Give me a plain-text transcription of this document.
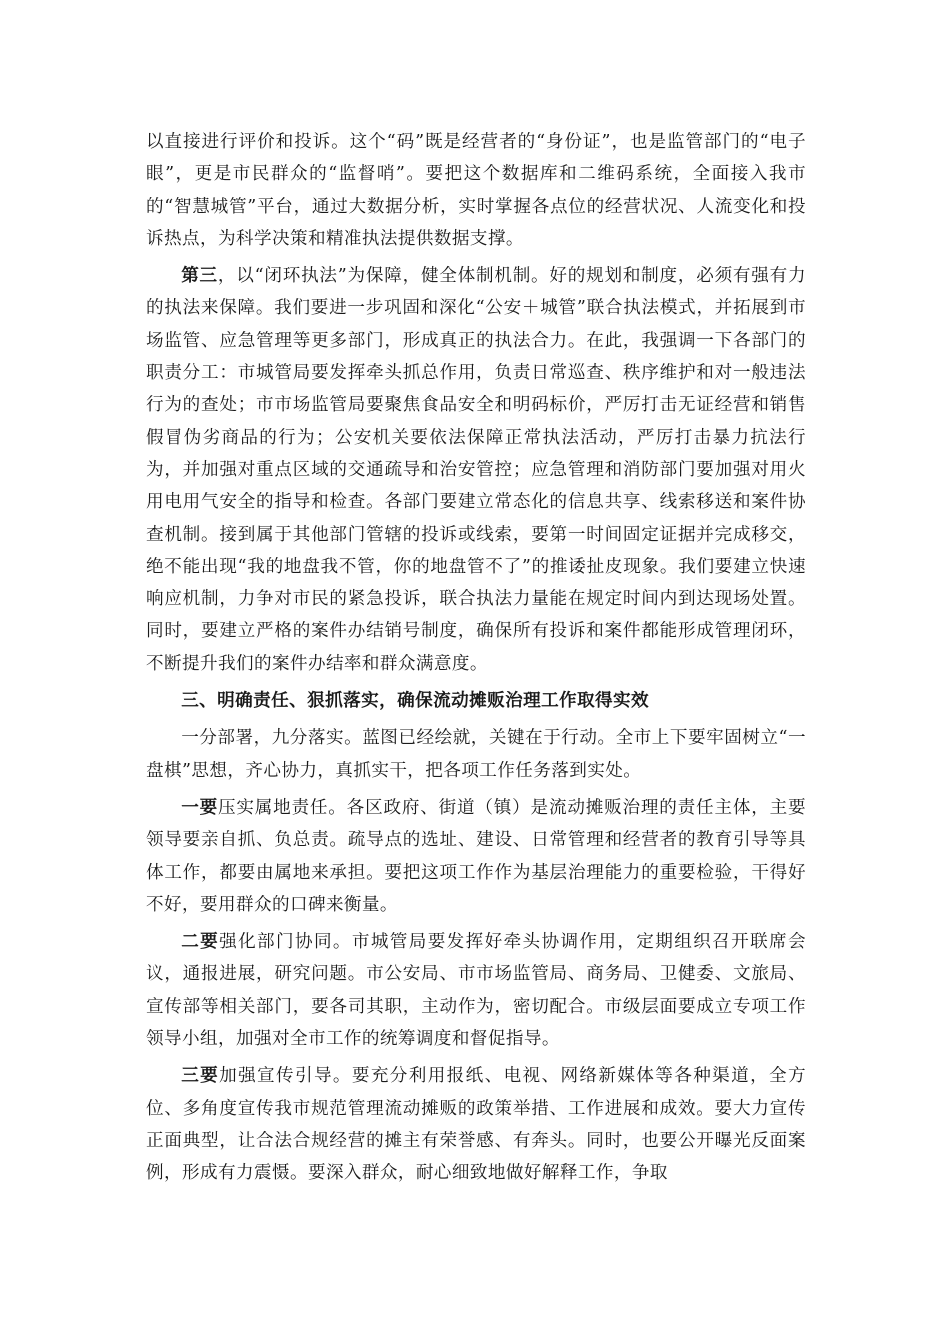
以直接进行评价和投诉。这个“码”既是经营者的“身份证”，也是监管部门的“电子眼”，更是市民群众的“监督哨”。要把这个数据库和二维码系统，全面接入我市的“智慧城管”平台，通过大数据分析，实时掌握各点位的经营状况、人流变化和投诉热点，为科学决策和精准执法提供数据支撑。

第三，以“闭环执法”为保障，健全体制机制。好的规划和制度，必须有强有力的执法来保障。我们要进一步巩固和深化“公安＋城管”联合执法模式，并拓展到市场监管、应急管理等更多部门，形成真正的执法合力。在此，我强调一下各部门的职责分工：市城管局要发挥牵头抓总作用，负责日常巡查、秩序维护和对一般违法行为的查处；市市场监管局要聚焦食品安全和明码标价，严厉打击无证经营和销售假冒伪劣商品的行为；公安机关要依法保障正常执法活动，严厉打击暴力抗法行为，并加强对重点区域的交通疏导和治安管控；应急管理和消防部门要加强对用火用电用气安全的指导和检查。各部门要建立常态化的信息共享、线索移送和案件协查机制。接到属于其他部门管辖的投诉或线索，要第一时间固定证据并完成移交，绝不能出现“我的地盘我不管，你的地盘管不了”的推诿扯皮现象。我们要建立快速响应机制，力争对市民的紧急投诉，联合执法力量能在规定时间内到达现场处置。同时，要建立严格的案件办结销号制度，确保所有投诉和案件都能形成管理闭环，不断提升我们的案件办结率和群众满意度。

三、明确责任、狠抓落实，确保流动摊贩治理工作取得实效

一分部署，九分落实。蓝图已经绘就，关键在于行动。全市上下要牢固树立“一盘棋”思想，齐心协力，真抓实干，把各项工作任务落到实处。

一要压实属地责任。各区政府、街道（镇）是流动摊贩治理的责任主体，主要领导要亲自抓、负总责。疏导点的选址、建设、日常管理和经营者的教育引导等具体工作，都要由属地来承担。要把这项工作作为基层治理能力的重要检验，干得好不好，要用群众的口碑来衡量。

二要强化部门协同。市城管局要发挥好牵头协调作用，定期组织召开联席会议，通报进展，研究问题。市公安局、市市场监管局、商务局、卫健委、文旅局、宣传部等相关部门，要各司其职，主动作为，密切配合。市级层面要成立专项工作领导小组，加强对全市工作的统筹调度和督促指导。

三要加强宣传引导。要充分利用报纸、电视、网络新媒体等各种渠道，全方位、多角度宣传我市规范管理流动摊贩的政策举措、工作进展和成效。要大力宣传正面典型，让合法合规经营的摊主有荣誉感、有奔头。同时，也要公开曝光反面案例，形成有力震慑。要深入群众，耐心细致地做好解释工作，争取
